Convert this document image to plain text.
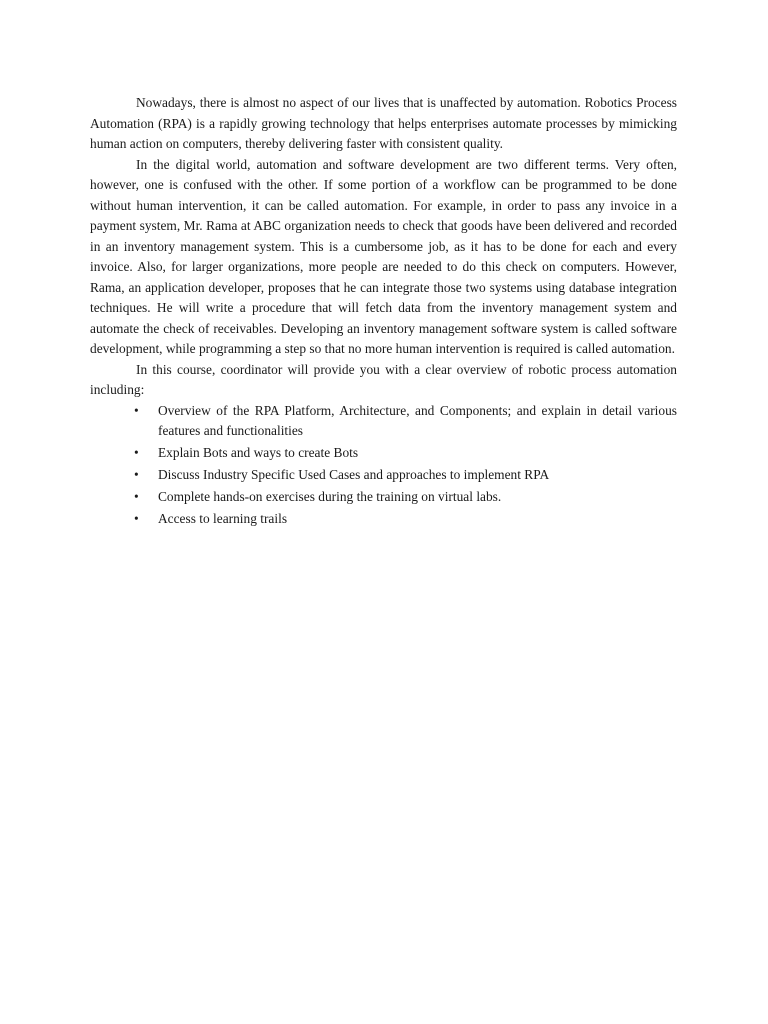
Nowadays, there is almost no aspect of our lives that is unaffected by automation. Robotics Process Automation (RPA) is a rapidly growing technology that helps enterprises automate processes by mimicking human action on computers, thereby delivering faster with consistent quality.

In the digital world, automation and software development are two different terms. Very often, however, one is confused with the other. If some portion of a workflow can be programmed to be done without human intervention, it can be called automation. For example, in order to pass any invoice in a payment system, Mr. Rama at ABC organization needs to check that goods have been delivered and recorded in an inventory management system. This is a cumbersome job, as it has to be done for each and every invoice. Also, for larger organizations, more people are needed to do this check on computers. However, Rama, an application developer, proposes that he can integrate those two systems using database integration techniques. He will write a procedure that will fetch data from the inventory management system and automate the check of receivables. Developing an inventory management software system is called software development, while programming a step so that no more human intervention is required is called automation.

In this course, coordinator will provide you with a clear overview of robotic process automation including:

• Overview of the RPA Platform, Architecture, and Components; and explain in detail various features and functionalities
• Explain Bots and ways to create Bots
• Discuss Industry Specific Used Cases and approaches to implement RPA
• Complete hands-on exercises during the training on virtual labs.
• Access to learning trails
